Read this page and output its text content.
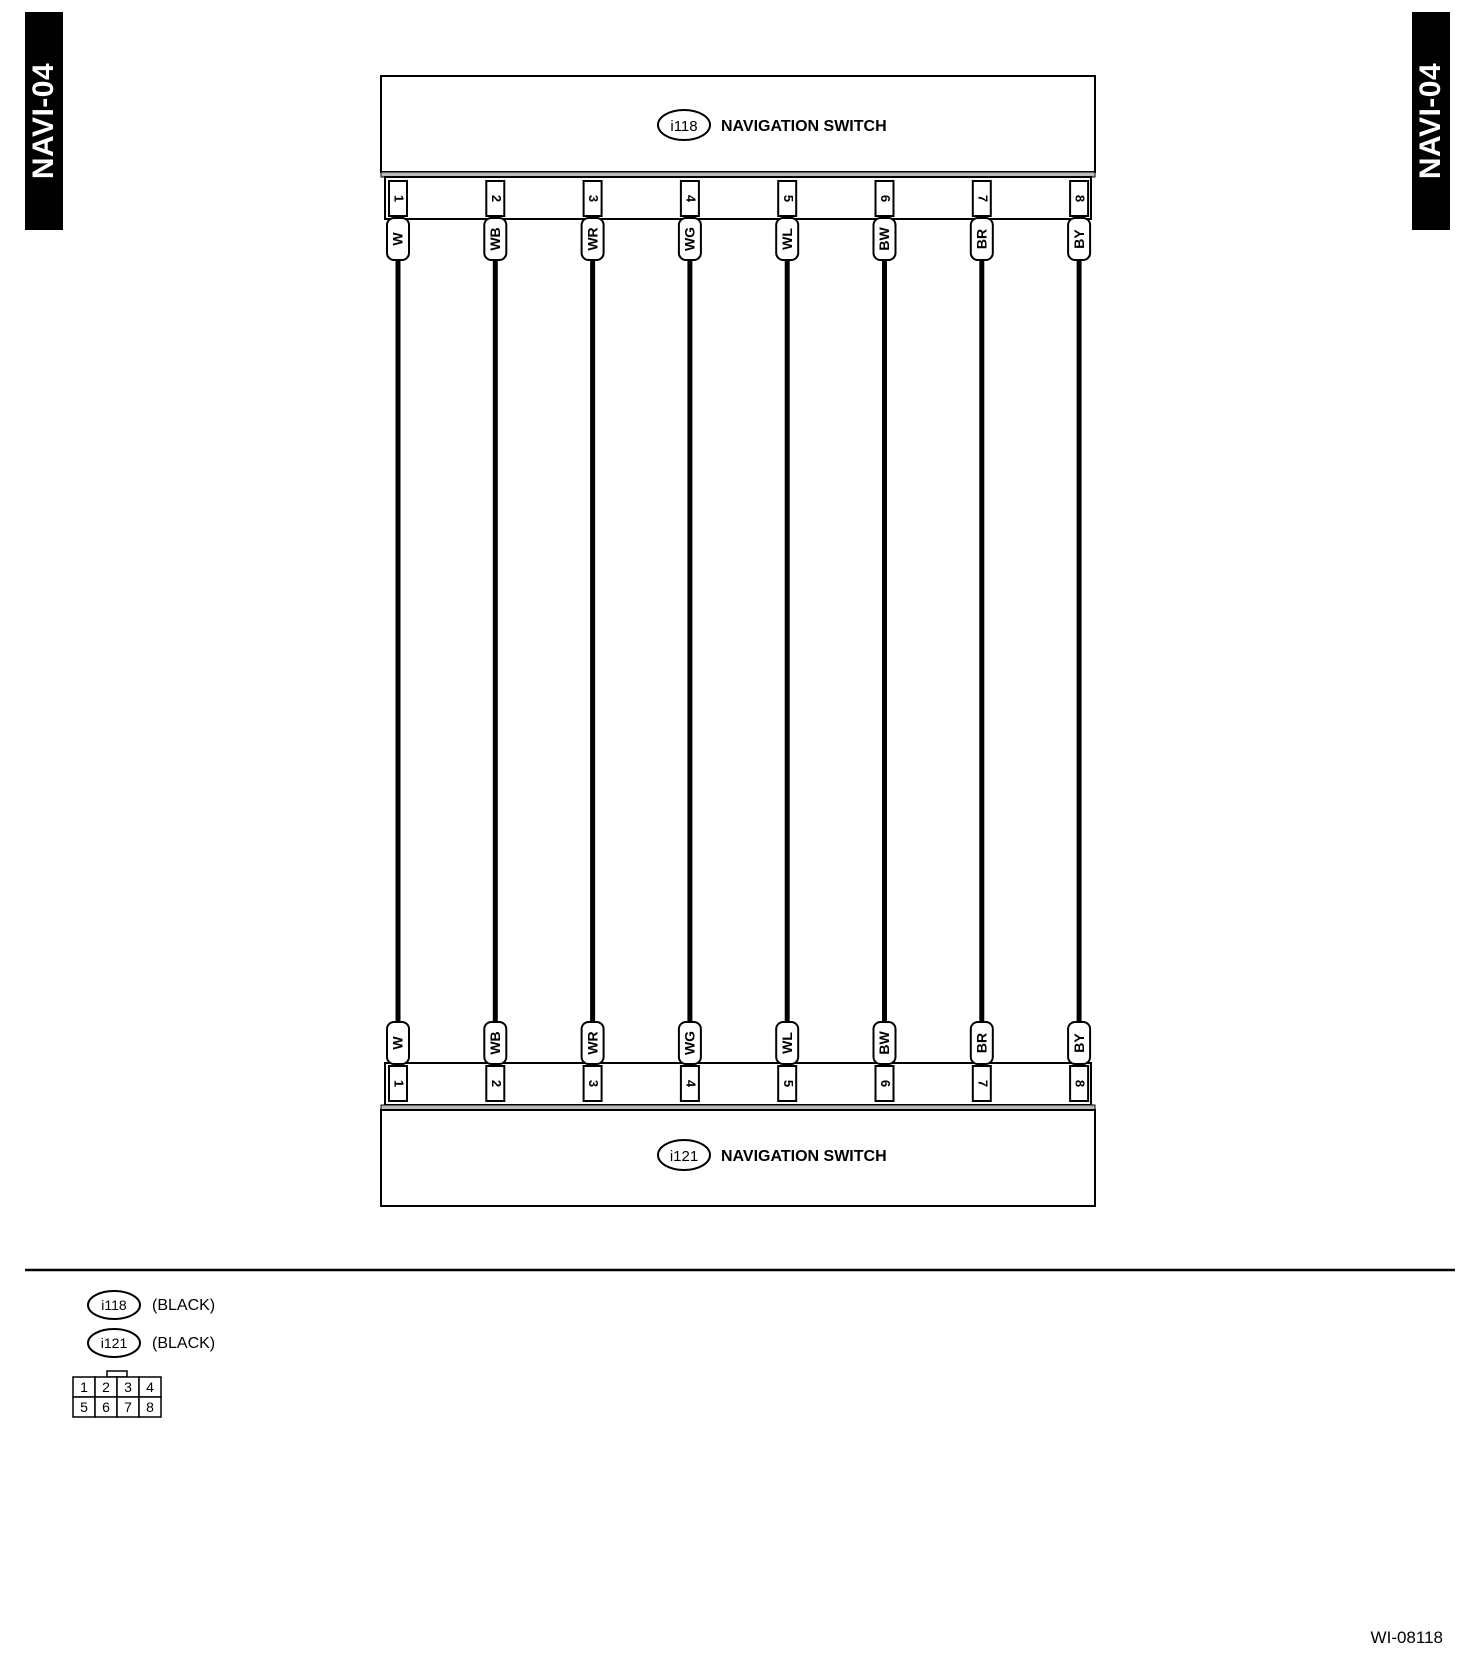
NAVI-04	NAVI-04
i118 NAVIGATION SWITCH
i121 NAVIGATION SWITCH
1
1
W
W
2
2
WB
WB
3
3
WR
WR
4
4
WG
WG
5
5
WL
WL
6
6
BW
BW
7
7
BR
BR
8
8
BY
BY
i118 (BLACK)
i121 (BLACK)
1 2 3 4
5 6 7 8
WI-08118
